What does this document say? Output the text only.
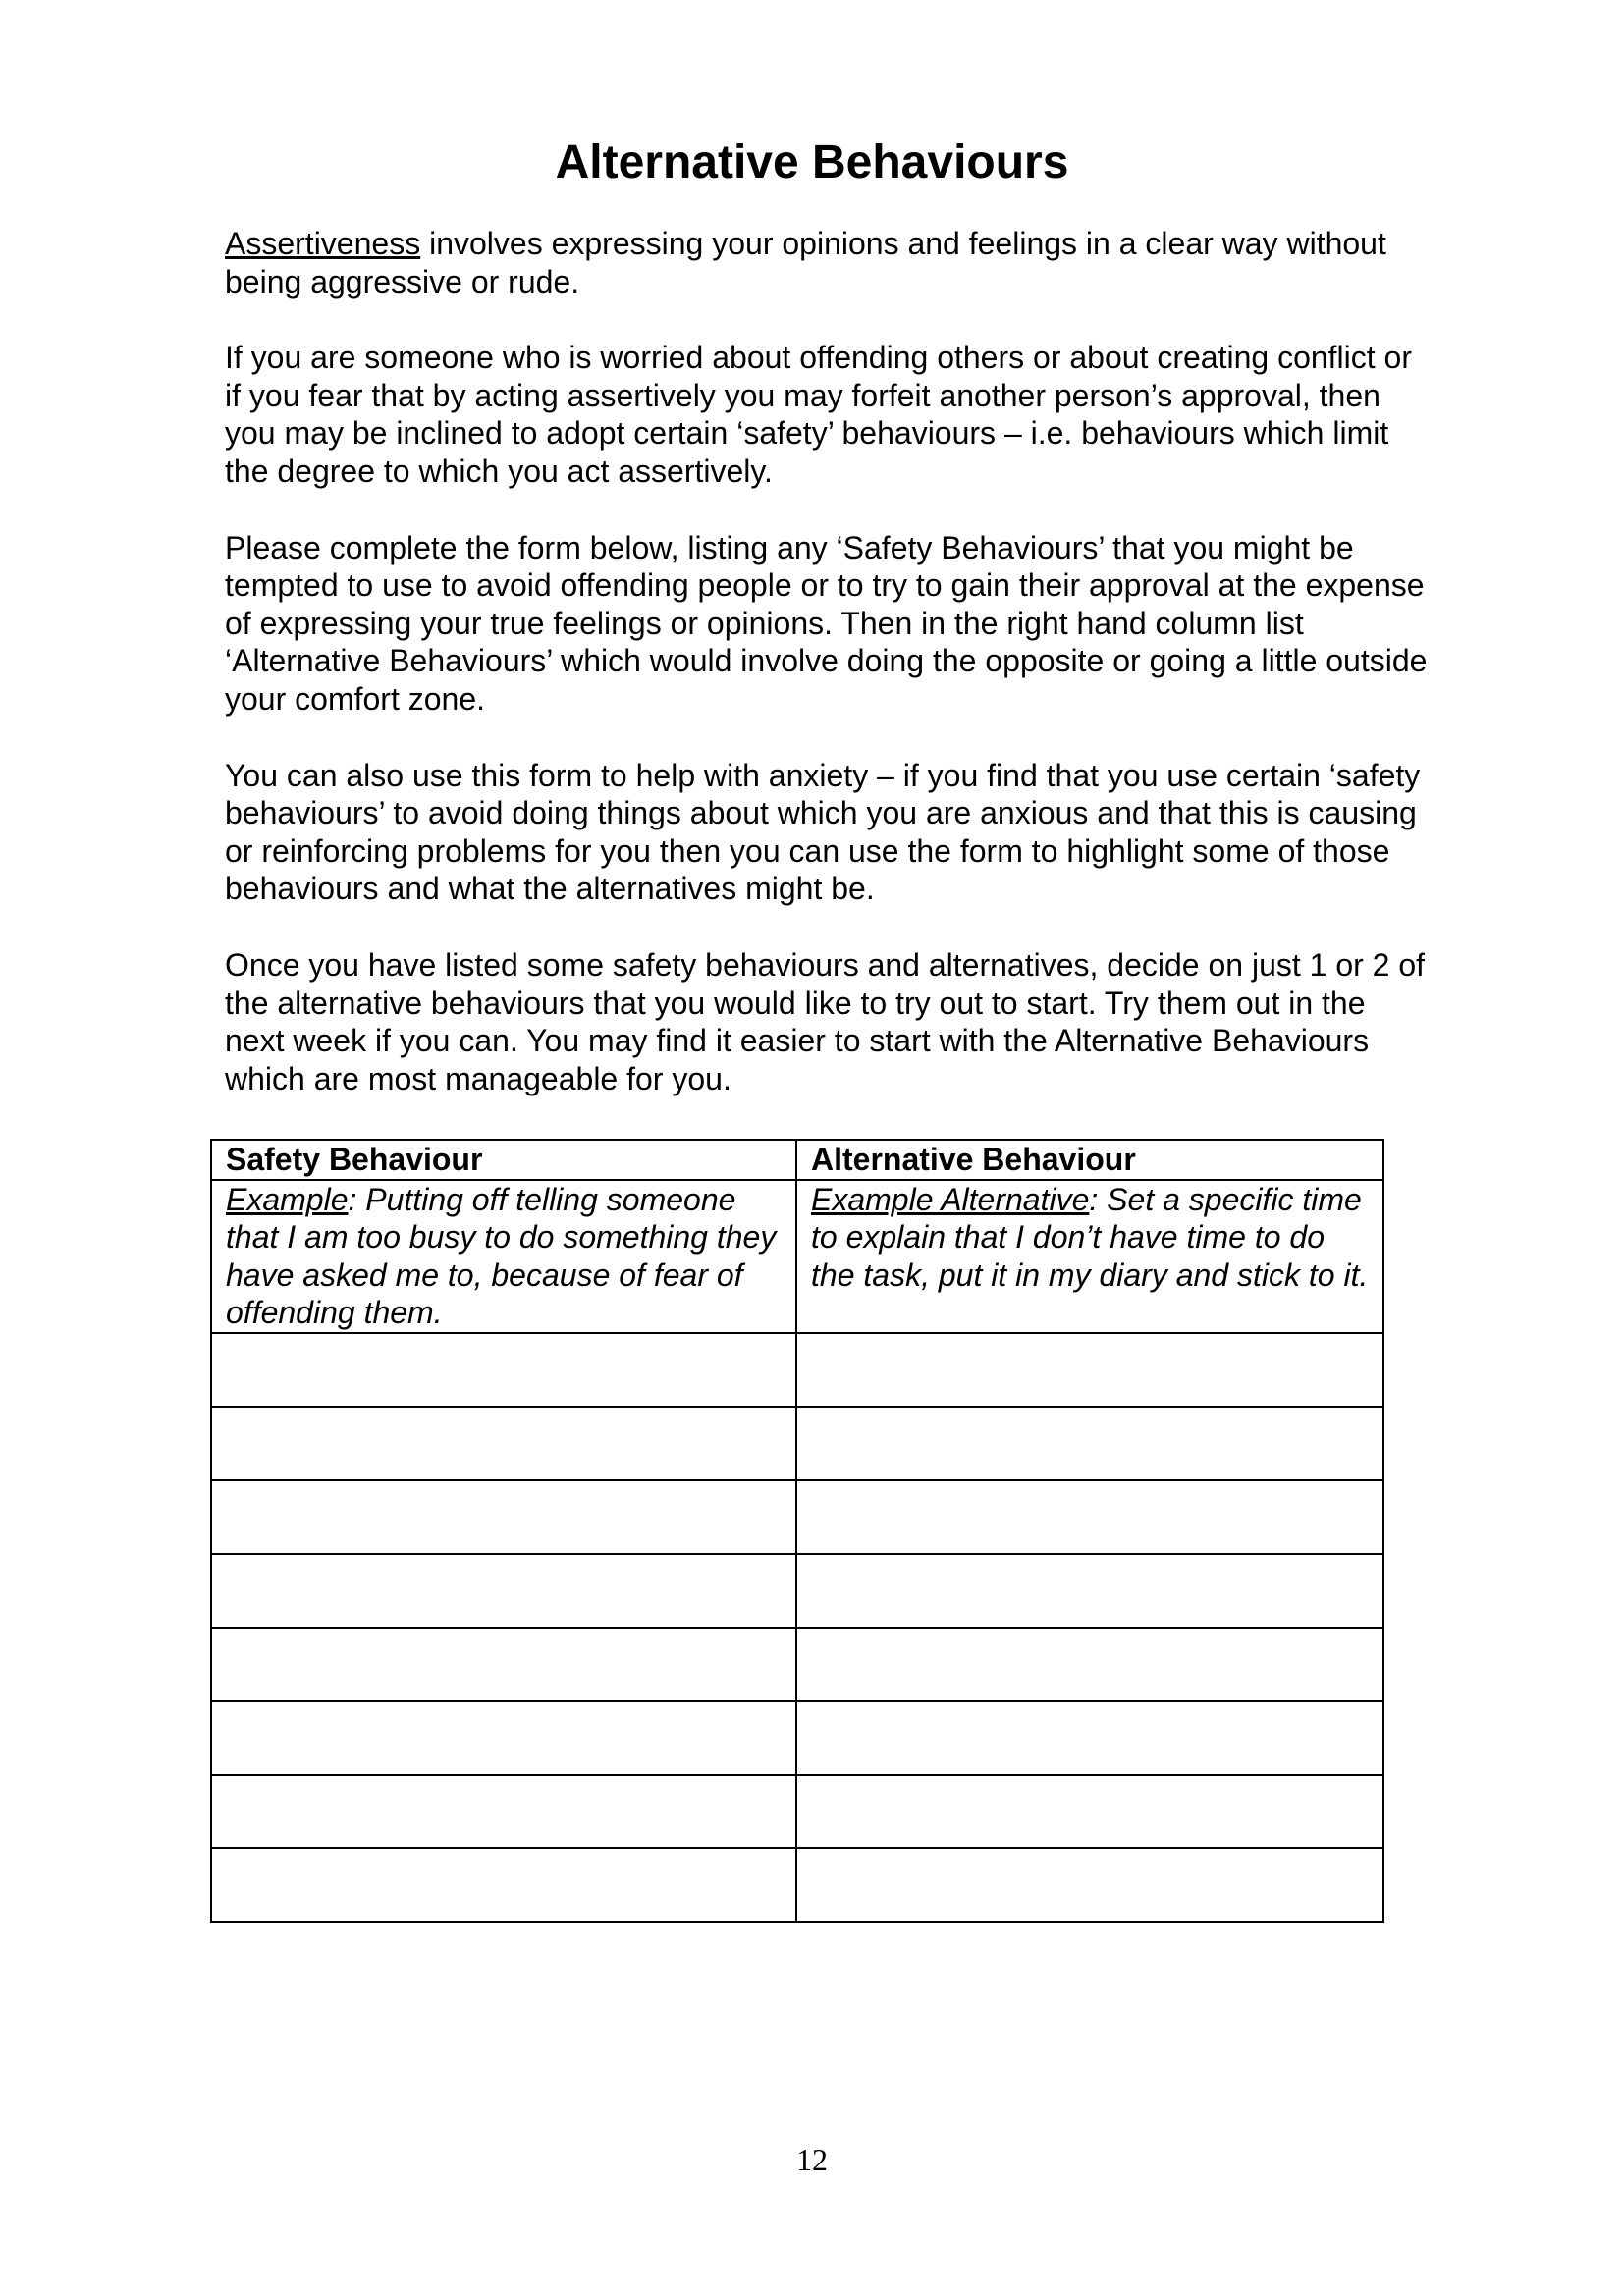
Alternative Behaviours

Assertiveness involves expressing your opinions and feelings in a clear way without being aggressive or rude.

If you are someone who is worried about offending others or about creating conflict or if you fear that by acting assertively you may forfeit another person’s approval, then you may be inclined to adopt certain ‘safety’ behaviours – i.e. behaviours which limit the degree to which you act assertively.

Please complete the form below, listing any ‘Safety Behaviours’ that you might be tempted to use to avoid offending people or to try to gain their approval at the expense of expressing your true feelings or opinions. Then in the right hand column list ‘Alternative Behaviours’ which would involve doing the opposite or going a little outside your comfort zone.

You can also use this form to help with anxiety – if you find that you use certain ‘safety behaviours’ to avoid doing things about which you are anxious and that this is causing or reinforcing problems for you then you can use the form to highlight some of those behaviours and what the alternatives might be.

Once you have listed some safety behaviours and alternatives, decide on just 1 or 2 of the alternative behaviours that you would like to try out to start. Try them out in the next week if you can. You may find it easier to start with the Alternative Behaviours which are most manageable for you.

Safety Behaviour	Alternative Behaviour
Example: Putting off telling someone that I am too busy to do something they have asked me to, because of fear of offending them.	Example Alternative: Set a specific time to explain that I don’t have time to do the task, put it in my diary and stick to it.

12
